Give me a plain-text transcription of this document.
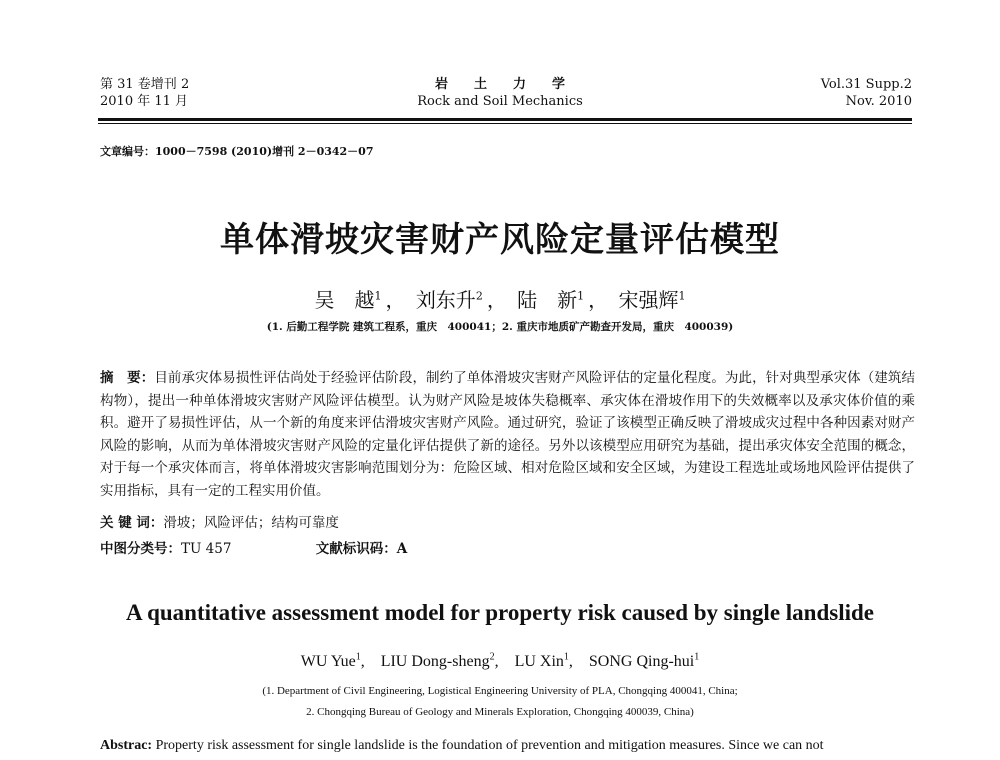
第 31 卷增刊 2
2010 年 11 月
岩土力学
Rock and Soil Mechanics
Vol.31 Supp.2
Nov. 2010
文章编号：1000－7598 (2010)增刊 2－0342－07
单体滑坡灾害财产风险定量评估模型
吴　越$^1$ ， 刘东升$^2$ ， 陆　新$^1$ ， 宋强辉$^1$
(1. 后勤工程学院 建筑工程系，重庆　400041；2. 重庆市地质矿产勘查开发局，重庆　400039)
摘　要：目前承灾体易损性评估尚处于经验评估阶段，制约了单体滑坡灾害财产风险评估的定量化程度。为此，针对典型承灾体（建筑结构物），提出一种单体滑坡灾害财产风险评估模型。认为财产风险是坡体失稳概率、承灾体在滑坡作用下的失效概率以及承灾体价值的乘积。避开了易损性评估，从一个新的角度来评估滑坡灾害财产风险。通过研究，验证了该模型正确反映了滑坡成灾过程中各种因素对财产风险的影响，从而为单体滑坡灾害财产风险的定量化评估提供了新的途径。另外以该模型应用研究为基础，提出承灾体安全范围的概念，对于每一个承灾体而言，将单体滑坡灾害影响范围划分为：危险区域、相对危险区域和安全区域，为建设工程选址或场地风险评估提供了实用指标，具有一定的工程实用价值。
关 键 词：滑坡；风险评估；结构可靠度
中图分类号：TU 457	文献标识码：A
A quantitative assessment model for property risk caused by single landslide
WU Yue$^1$, LIU Dong-sheng$^2$, LU Xin$^1$, SONG Qing-hui$^1$
(1. Department of Civil Engineering, Logistical Engineering University of PLA, Chongqing 400041, China;
2. Chongqing Bureau of Geology and Minerals Exploration, Chongqing 400039, China)
Abstrac: Property risk assessment for single landslide is the foundation of prevention and mitigation measures. Since we can not
